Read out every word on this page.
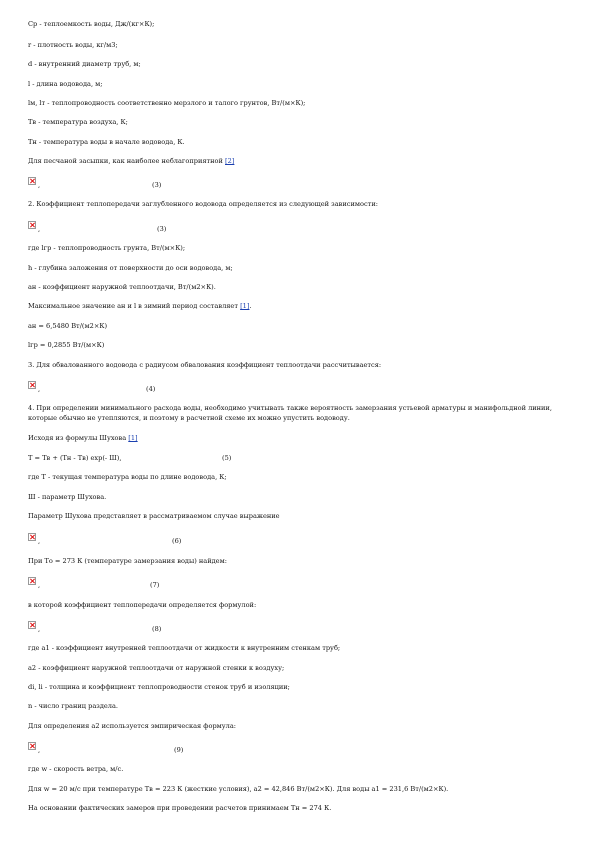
Cp - теплоемкость воды, Дж/(кг×К);
r - плотность воды, кг/м3;
d - внутренний диаметр труб, м;
l - длина водовода, м;
lм, lт - теплопроводность соответственно мерзлого и талого грунтов, Вт/(м×К);
Тв - температура воздуха, К;
Тн - температура воды в начале водовода, К.
Для песчаной засыпки, как наиболее неблагоприятной [2]
,	(3)
2. Коэффициент теплопередачи заглубленного водовода определяется из следующей зависимости:
,	(3)
где lгр - теплопроводность грунта, Вт/(м×К);
h - глубина заложения от поверхности до оси водовода, м;
aн - коэффициент наружной теплоотдачи, Вт/(м2×К).
Максимальное значение aн и l в зимний период составляет [1].
aн = 6,5480 Вт/(м2×К)
lгр = 0,2855 Вт/(м×К)
3. Для обвалованного водовода с радиусом обвалования коэффициент теплоотдачи рассчитывается:
,	(4)
4. При определении минимального расхода воды, необходимо учитывать также вероятность замерзания устьевой арматуры и манифольдной линии, которые обычно не утепляются, и поэтому в расчетной схеме их можно упустить водоводу.
Исходя из формулы Шухова [1]
Т = Тв + (Тн - Тв) exp(- Ш),	(5)
где Т - текущая температура воды по длине водовода, К;
Ш - параметр Шухова.
Параметр Шухова представляет в рассматриваемом случае выражение
,	(6)
При То = 273 К (температуре замерзания воды) найдем:
,	(7)
в которой коэффициент теплопередачи определяется формулой:
,	(8)
где a1 - коэффициент внутренней теплоотдачи от жидкости к внутренним стенкам труб;
a2 - коэффициент наружной теплоотдачи от наружной стенки к воздуху;
di, li - толщина и коэффициент теплопроводности стенок труб и изоляции;
n - число границ раздела.
Для определения a2 используется эмпирическая формула:
,	(9)
где w - скорость ветра, м/с.
Для w = 20 м/с при температуре Тв = 223 К (жесткие условия), a2 = 42,846 Вт/(м2×К). Для воды a1 = 231,6 Вт/(м2×К).
На основании фактических замеров при проведении расчетов принимаем Тн = 274 К.
